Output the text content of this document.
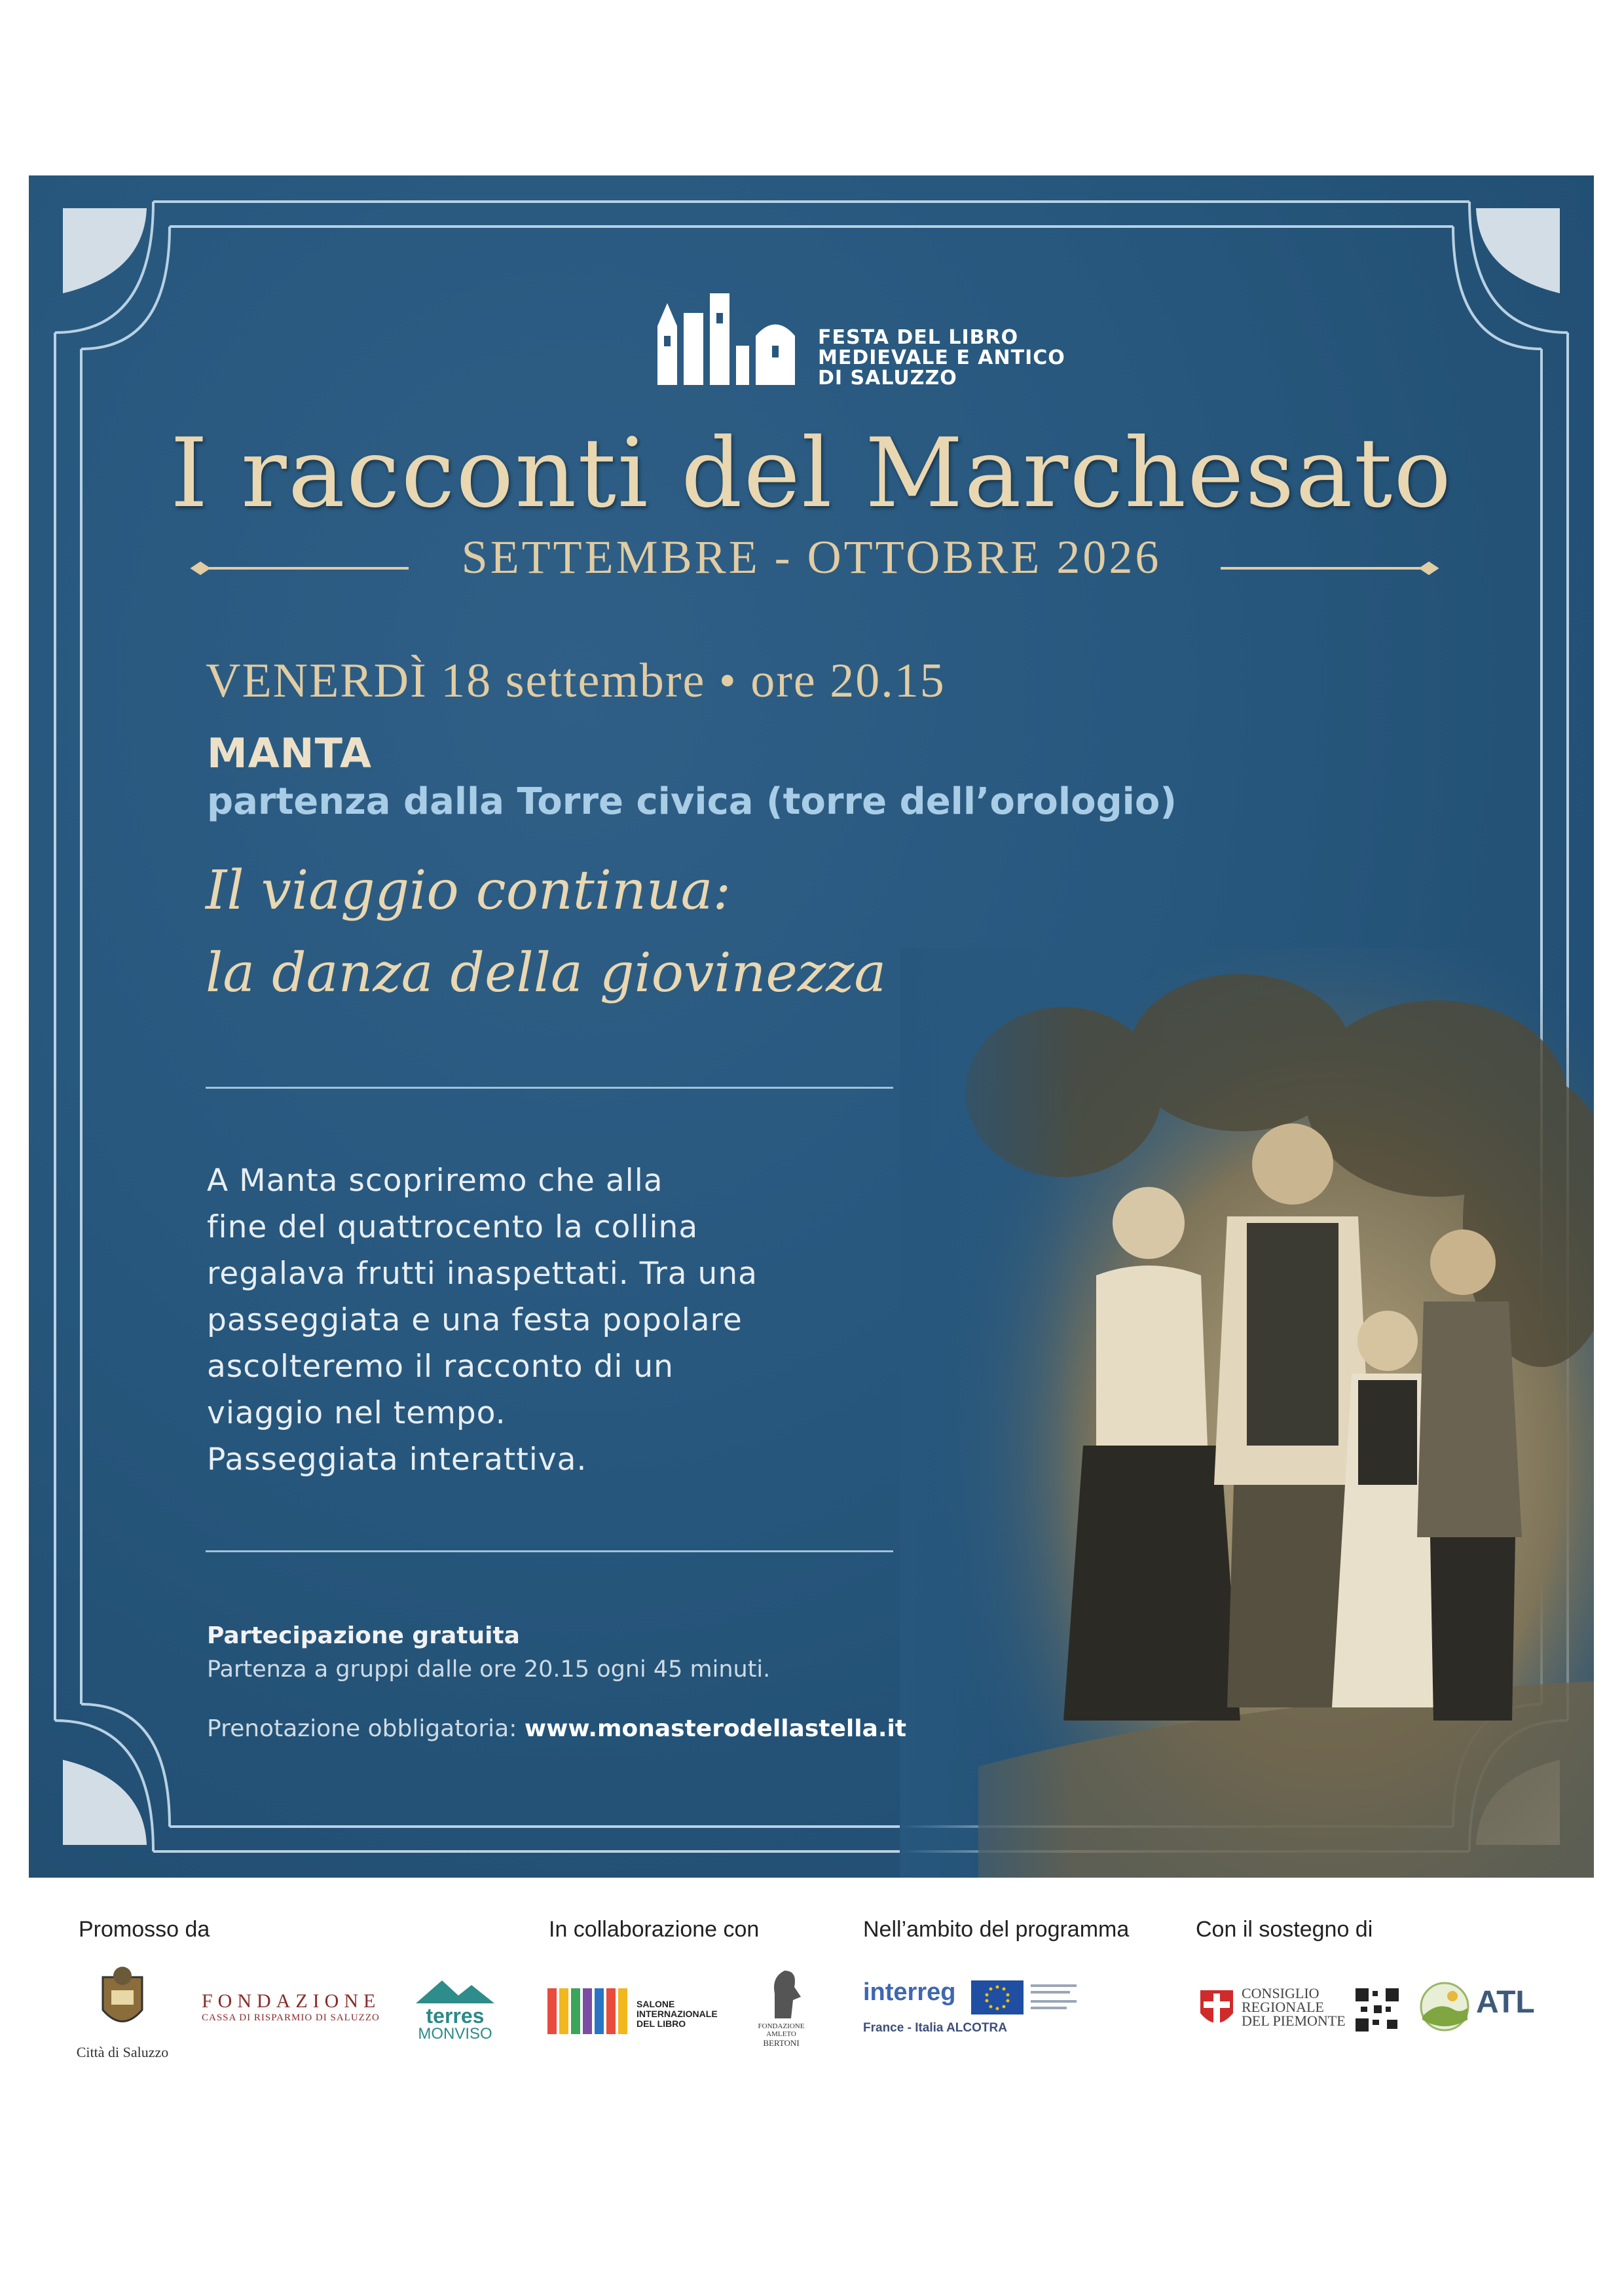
FESTA DEL LIBRO
MEDIEVALE E ANTICO
DI SALUZZO
I racconti del Marchesato
SETTEMBRE - OTTOBRE 2026
VENERDÌ 18 settembre • ore 20.15
MANTA
partenza dalla Torre civica (torre dell’orologio)
Il viaggio continua:
la danza della giovinezza
A Manta scopriremo che alla
fine del quattrocento la collina
regalava frutti inaspettati. Tra una
passeggiata e una festa popolare
ascolteremo il racconto di un
viaggio nel tempo.
Passeggiata interattiva.
Partecipazione gratuita
Partenza a gruppi dalle ore 20.15 ogni 45 minuti.
Prenotazione obbligatoria: www.monasterodellastella.it
Promosso da	In collaborazione con	Nell’ambito del programma	Con il sostegno di
Città di Saluzzo
FONDAZIONE
CASSA DI RISPARMIO DI SALUZZO	terres
MONVISO
SALONE
INTERNAZIONALE
DEL LIBRO	FONDAZIONE
AMLETO
BERTONI
interreg
France - Italia ALCOTRA
CONSIGLIO
REGIONALE
DEL PIEMONTE
ATL
